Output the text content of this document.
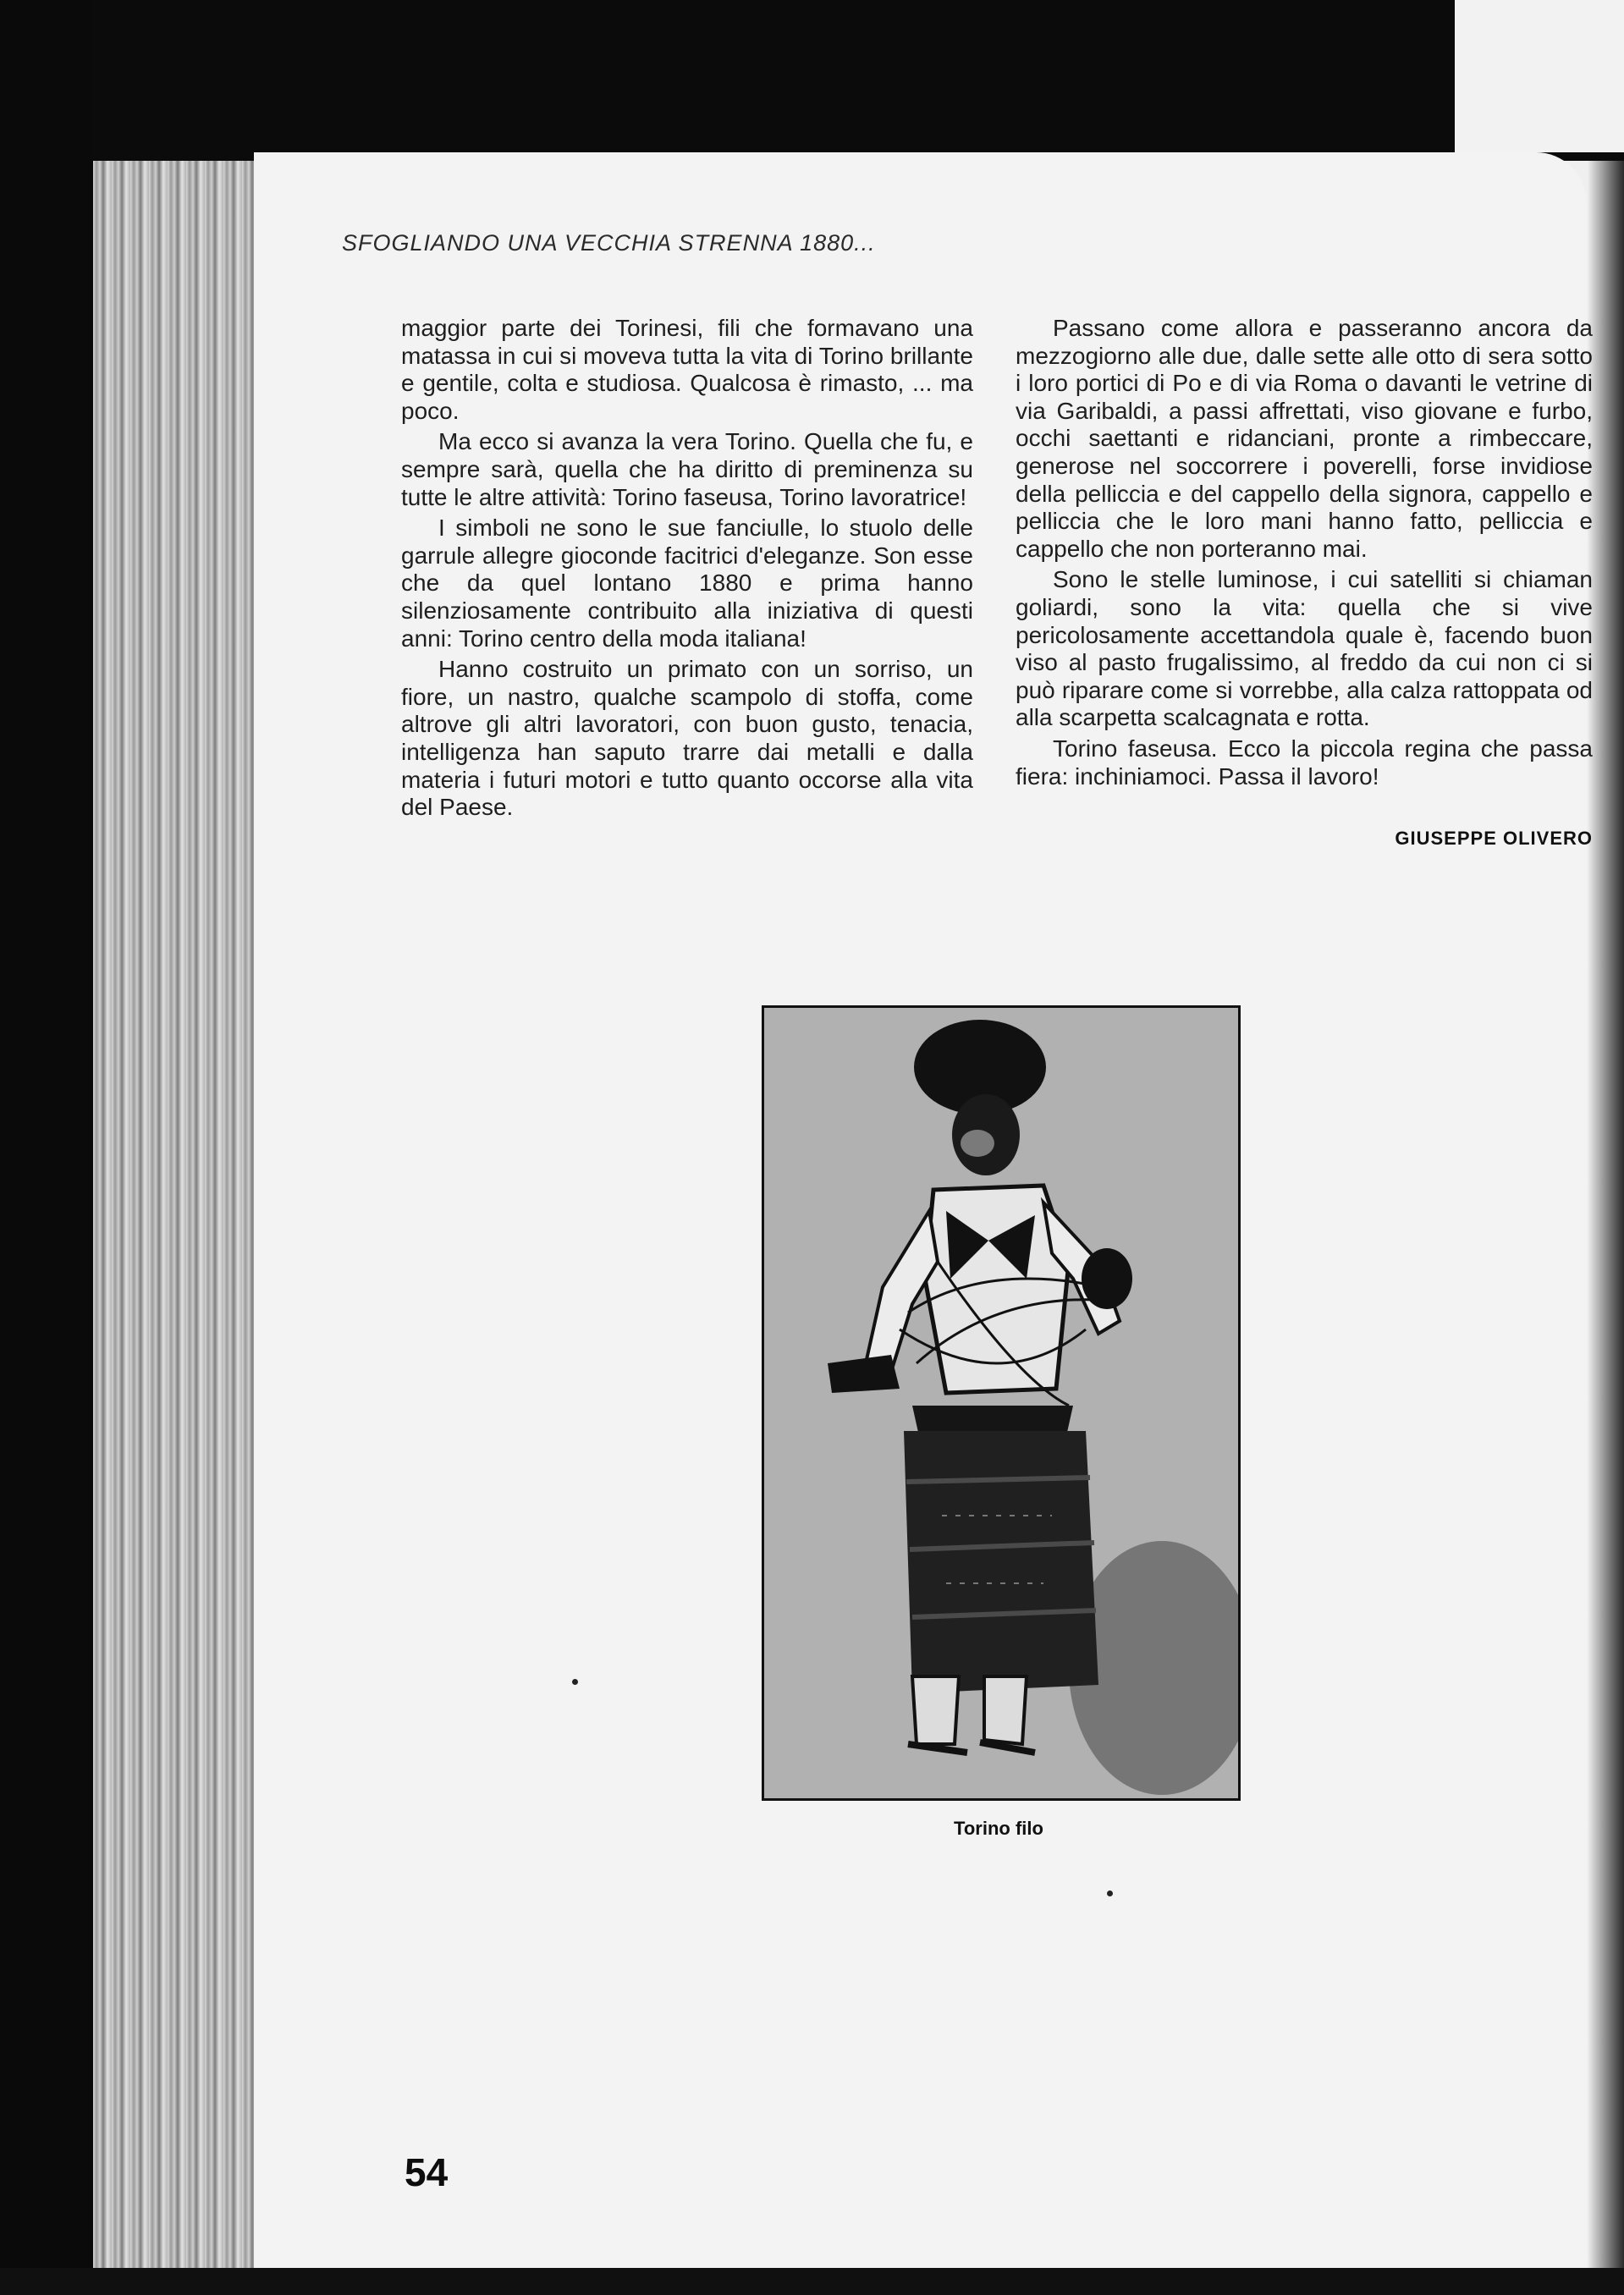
SFOGLIANDO UNA VECCHIA STRENNA 1880...

maggior parte dei Torinesi, fili che formavano una matassa in cui si moveva tutta la vita di Torino brillante e gentile, colta e studiosa. Qualcosa è rimasto, ... ma poco.

Ma ecco si avanza la vera Torino. Quella che fu, e sempre sarà, quella che ha diritto di preminenza su tutte le altre attività: Torino faseusa, Torino lavoratrice!

I simboli ne sono le sue fanciulle, lo stuolo delle garrule allegre gioconde facitrici d'eleganze. Son esse che da quel lontano 1880 e prima hanno silenziosamente contribuito alla iniziativa di questi anni: Torino centro della moda italiana!

Hanno costruito un primato con un sorriso, un fiore, un nastro, qualche scampolo di stoffa, come altrove gli altri lavoratori, con buon gusto, tenacia, intelligenza han saputo trarre dai metalli e dalla materia i futuri motori e tutto quanto occorse alla vita del Paese.

Passano come allora e passeranno ancora da mezzogiorno alle due, dalle sette alle otto di sera sotto i loro portici di Po e di via Roma o davanti le vetrine di via Garibaldi, a passi affrettati, viso giovane e furbo, occhi saettanti e ridanciani, pronte a rimbeccare, generose nel soccorrere i poverelli, forse invidiose della pelliccia e del cappello della signora, cappello e pelliccia che le loro mani hanno fatto, pelliccia e cappello che non porteranno mai.

Sono le stelle luminose, i cui satelliti si chiaman goliardi, sono la vita: quella che si vive pericolosamente accettandola quale è, facendo buon viso al pasto frugalissimo, al freddo da cui non ci si può riparare come si vorrebbe, alla calza rattoppata od alla scarpetta scalcagnata e rotta.

Torino faseusa. Ecco la piccola regina che passa fiera: inchiniamoci. Passa il lavoro!

GIUSEPPE OLIVERO
Torino filo
54
